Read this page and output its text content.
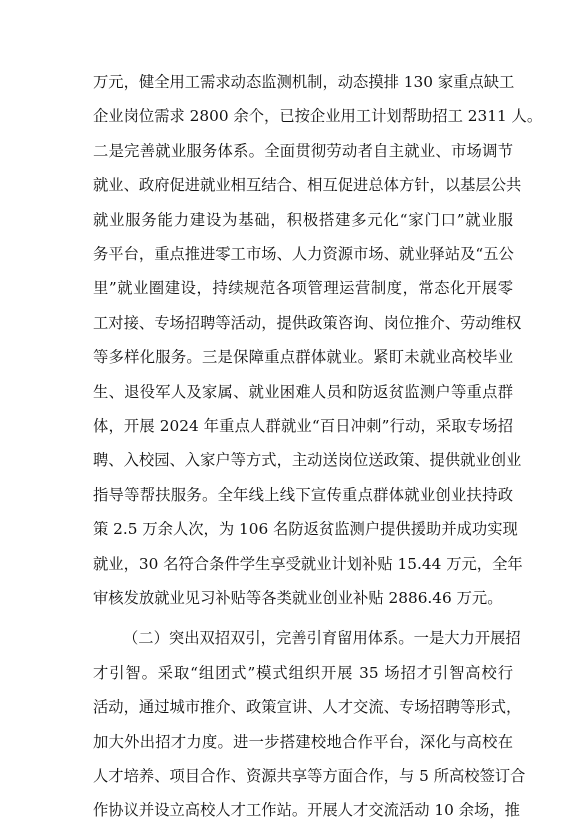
万元，健全用工需求动态监测机制，动态摸排 130 家重点缺工
企业岗位需求 2800 余个，已按企业用工计划帮助招工 2311 人。
二是完善就业服务体系。全面贯彻劳动者自主就业、市场调节
就业、政府促进就业相互结合、相互促进总体方针，以基层公共
就业服务能力建设为基础，积极搭建多元化“家门口”就业服
务平台，重点推进零工市场、人力资源市场、就业驿站及“五公
里”就业圈建设，持续规范各项管理运营制度，常态化开展零
工对接、专场招聘等活动，提供政策咨询、岗位推介、劳动维权
等多样化服务。三是保障重点群体就业。紧盯未就业高校毕业
生、退役军人及家属、就业困难人员和防返贫监测户等重点群
体，开展 2024 年重点人群就业“百日冲刺”行动，采取专场招
聘、入校园、入家户等方式，主动送岗位送政策、提供就业创业
指导等帮扶服务。全年线上线下宣传重点群体就业创业扶持政
策 2.5 万余人次，为 106 名防返贫监测户提供援助并成功实现
就业，30 名符合条件学生享受就业计划补贴 15.44 万元，全年
审核发放就业见习补贴等各类就业创业补贴 2886.46 万元。
（二）突出双招双引，完善引育留用体系。一是大力开展招
才引智。采取“组团式”模式组织开展 35 场招才引智高校行
活动，通过城市推介、政策宣讲、人才交流、专场招聘等形式，
加大外出招才力度。进一步搭建校地合作平台，深化与高校在
人才培养、项目合作、资源共享等方面合作，与 5 所高校签订合
作协议并设立高校人才工作站。开展人才交流活动 10 余场，推
